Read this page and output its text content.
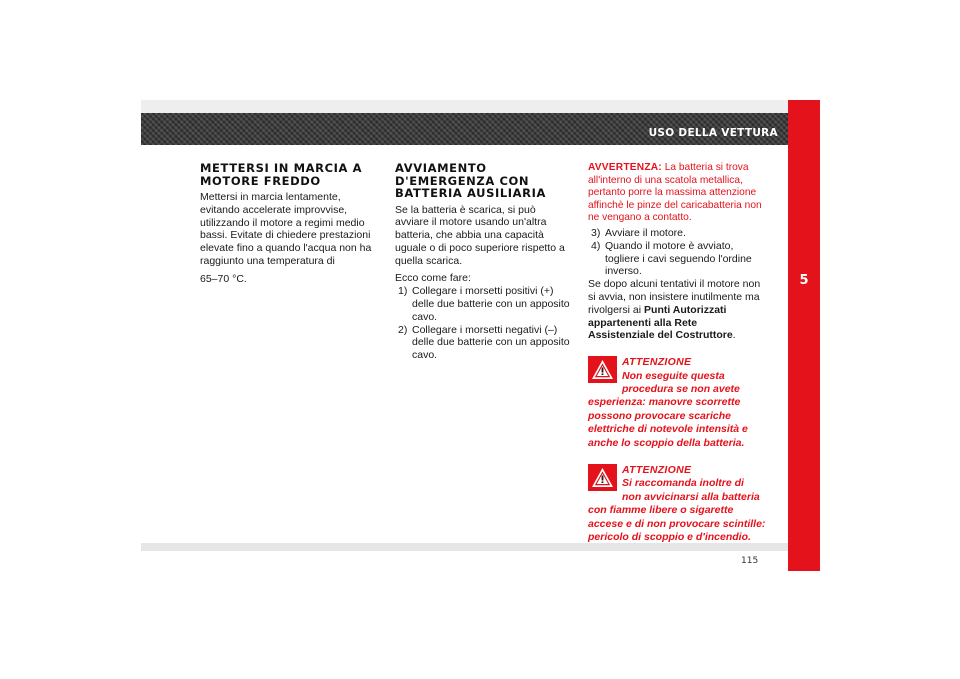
USO DELLA VETTURA
5
115
METTERSI IN MARCIA A
MOTORE FREDDO

Mettersi in marcia lentamente, evitando accelerate improvvise, utilizzando il motore a regimi medio bassi. Evitate di chiedere prestazioni elevate fino a quando l'acqua non ha raggiunto una temperatura di

65–70 °C.

AVVIAMENTO
D'EMERGENZA CON
BATTERIA AUSILIARIA

Se la batteria è scarica, si può avviare il motore usando un'altra batteria, che abbia una capacità uguale o di poco superiore rispetto a quella scarica.

Ecco come fare:

1) Collegare i morsetti positivi (+) delle due batterie con un apposito cavo.
2) Collegare i morsetti negativi (–) delle due batterie con un apposito cavo.

AVVERTENZA: La batteria si trova all'interno di una scatola metallica, pertanto porre la massima attenzione affinchè le pinze del caricabatteria non ne vengano a contatto.

3) Avviare il motore.
4) Quando il motore è avviato, togliere i cavi seguendo l'ordine inverso.

Se dopo alcuni tentativi il motore non si avvia, non insistere inutilmente ma rivolgersi ai Punti Autorizzati appartenenti alla Rete Assistenziale del Costruttore.

ATTENZIONE
Non eseguite questa procedura se non avete esperienza: manovre scorrette possono provocare scariche elettriche di notevole intensità e anche lo scoppio della batteria.
ATTENZIONE
Si raccomanda inoltre di non avvicinarsi alla batteria con fiamme libere o sigarette accese e di non provocare scintille: pericolo di scoppio e d'incendio.
